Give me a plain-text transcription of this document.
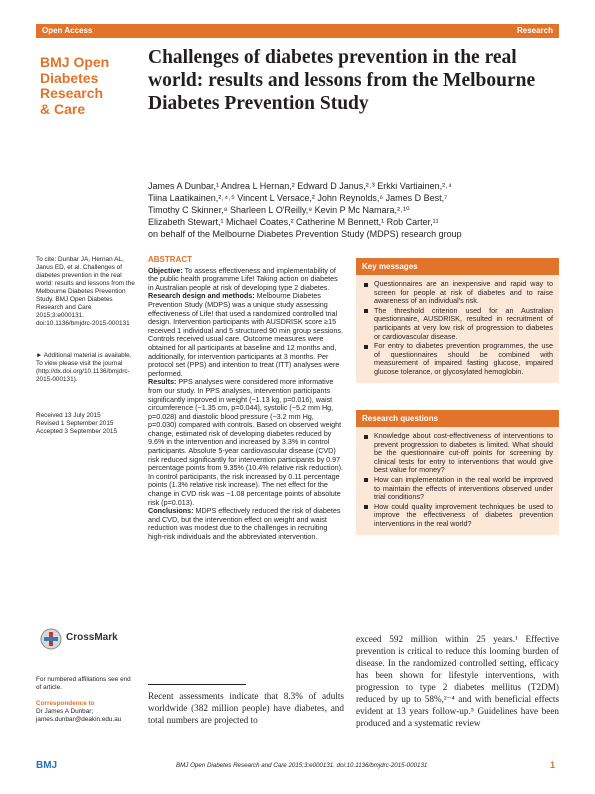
Open Access	Research
BMJ Open
Diabetes
Research
& Care
Challenges of diabetes prevention in the real world: results and lessons from the Melbourne Diabetes Prevention Study
James A Dunbar,¹ Andrea L Hernan,² Edward D Janus,²˒³ Erkki Vartiainen,²˒⁴
Tiina Laatikainen,²˒⁴˒⁵ Vincent L Versace,² John Reynolds,⁶ James D Best,⁷
Timothy C Skinner,⁸ Sharleen L O'Reilly,⁹ Kevin P Mc Namara,²˒¹⁰
Elizabeth Stewart,¹ Michael Coates,² Catherine M Bennett,¹ Rob Carter,¹¹
on behalf of the Melbourne Diabetes Prevention Study (MDPS) research group
To cite: Dunbar JA, Hernan AL, Janus ED, et al. Challenges of diabetes prevention in the real world: results and lessons from the Melbourne Diabetes Prevention Study. BMJ Open Diabetes Research and Care 2015;3:e000131. doi:10.1136/bmjdrc-2015-000131
► Additional material is available. To view please visit the journal (http://dx.doi.org/10.1136/bmjdrc-2015-000131).
Received 13 July 2015
Revised 1 September 2015
Accepted 3 September 2015
CrossMark
For numbered affiliations see end of article.
Correspondence to
Dr James A Dunbar; james.dunbar@deakin.edu.au
ABSTRACT

Objective: To assess effectiveness and implementability of the public health programme Life! Taking action on diabetes in Australian people at risk of developing type 2 diabetes.

Research design and methods: Melbourne Diabetes Prevention Study (MDPS) was a unique study assessing effectiveness of Life! that used a randomized controlled trial design. Intervention participants with AUSDRISK score ≥15 received 1 individual and 5 structured 90 min group sessions. Controls received usual care. Outcome measures were obtained for all participants at baseline and 12 months and, additionally, for intervention participants at 3 months. Per protocol set (PPS) and intention to treat (ITT) analyses were performed.

Results: PPS analyses were considered more informative from our study. In PPS analyses, intervention participants significantly improved in weight (−1.13 kg, p=0.016), waist circumference (−1.35 cm, p=0.044), systolic (−5.2 mm Hg, p=0.028) and diastolic blood pressure (−3.2 mm Hg, p=0.030) compared with controls. Based on observed weight change, estimated risk of developing diabetes reduced by 9.6% in the intervention and increased by 3.3% in control participants. Absolute 5-year cardiovascular disease (CVD) risk reduced significantly for intervention participants by 0.97 percentage points from 9.35% (10.4% relative risk reduction). In control participants, the risk increased by 0.11 percentage points (1.3% relative risk increase). The net effect for the change in CVD risk was −1.08 percentage points of absolute risk (p=0.013).

Conclusions: MDPS effectively reduced the risk of diabetes and CVD, but the intervention effect on weight and waist reduction was modest due to the challenges in recruiting high-risk individuals and the abbreviated intervention.

Key messages
Questionnaires are an inexpensive and rapid way to screen for people at risk of diabetes and to raise awareness of an individual's risk.
The threshold criterion used for an Australian questionnaire, AUSDRISK, resulted in recruitment of participants at very low risk of progression to diabetes or cardiovascular disease.
For entry to diabetes prevention programmes, the use of questionnaires should be combined with measurement of impaired fasting glucose, impaired glucose tolerance, or glycosylated hemoglobin.
Research questions
Knowledge about cost-effectiveness of interventions to prevent progression to diabetes is limited. What should be the questionnaire cut-off points for screening by clinical tests for entry to interventions that would give best value for money?
How can implementation in the real world be improved to maintain the effects of interventions observed under trial conditions?
How could quality improvement techniques be used to improve the effectiveness of diabetes prevention interventions in the real world?
Recent assessments indicate that 8.3% of adults worldwide (382 million people) have diabetes, and total numbers are projected to
exceed 592 million within 25 years.¹ Effective prevention is critical to reduce this looming burden of disease. In the randomized controlled setting, efficacy has been shown for lifestyle interventions, with progression to type 2 diabetes mellitus (T2DM) reduced by up to 58%,²⁻⁴ and with beneficial effects evident at 13 years follow-up.⁵ Guidelines have been produced and a systematic review
BMJ	BMJ Open Diabetes Research and Care 2015;3:e000131. doi:10.1136/bmjdrc-2015-000131	1
